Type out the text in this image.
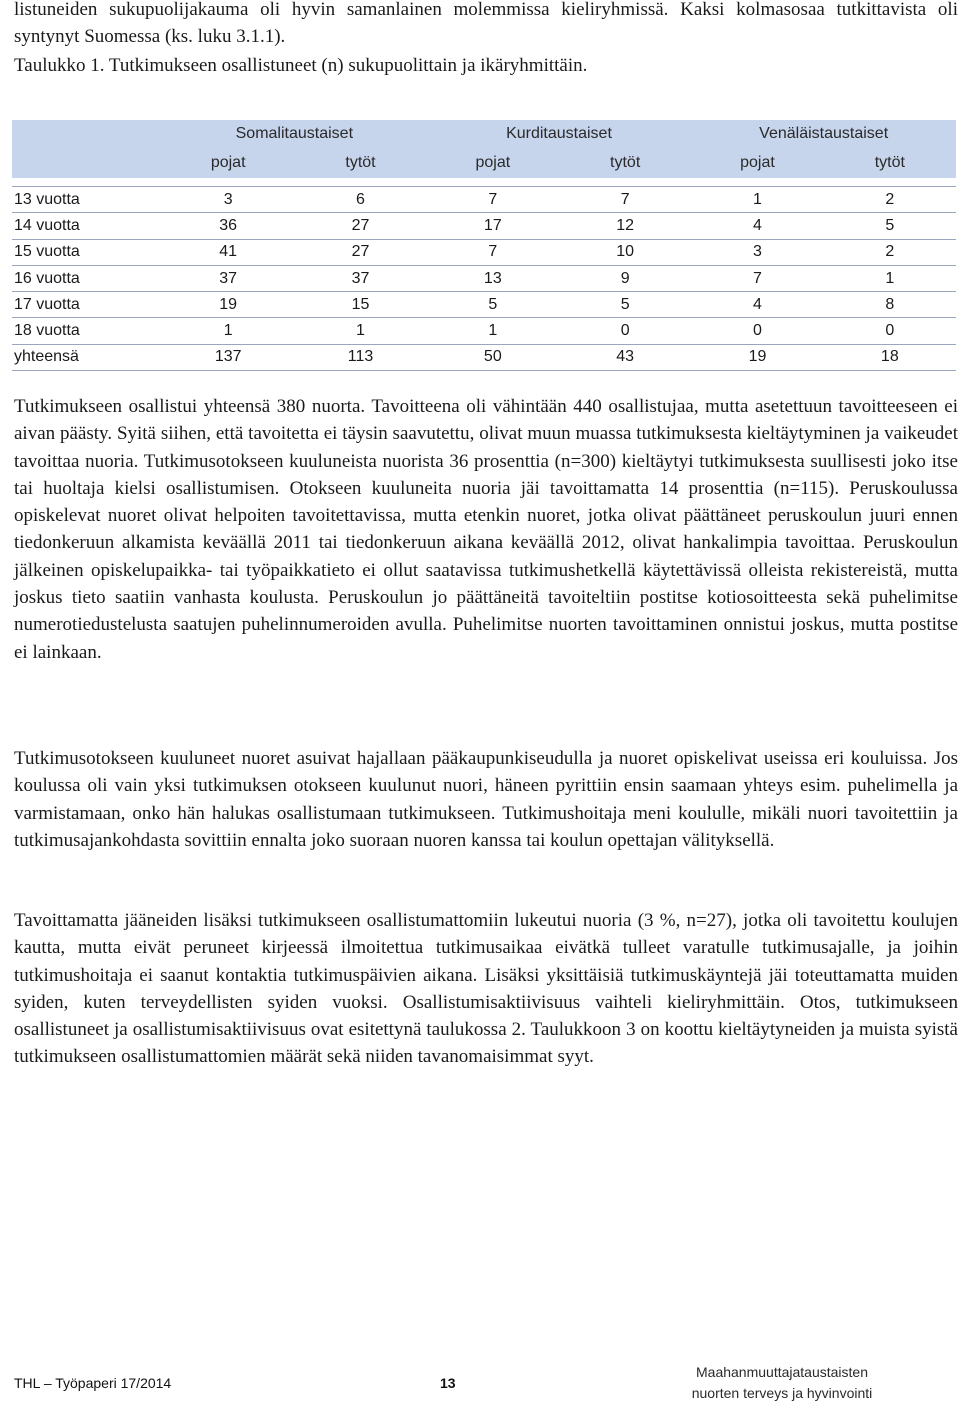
listuneiden sukupuolijakauma oli hyvin samanlainen molemmissa kieliryhmissä. Kaksi kolmasosaa tutkittavista oli syntynyt Suomessa (ks. luku 3.1.1).
Taulukko 1. Tutkimukseen osallistuneet (n) sukupuolittain ja ikäryhmittäin.
	Somalitaustaiset		Kurditaustaiset		Venäläistaustaiset	
	pojat	tytöt	pojat	tytöt	pojat	tytöt

13 vuotta	3	6	7	7	1	2
14 vuotta	36	27	17	12	4	5
15 vuotta	41	27	7	10	3	2
16 vuotta	37	37	13	9	7	1
17 vuotta	19	15	5	5	4	8
18 vuotta	1	1	1	0	0	0
yhteensä	137	113	50	43	19	18
Tutkimukseen osallistui yhteensä 380 nuorta. Tavoitteena oli vähintään 440 osallistujaa, mutta asetettuun tavoitteeseen ei aivan päästy. Syitä siihen, että tavoitetta ei täysin saavutettu, olivat muun muassa tutkimuksesta kieltäytyminen ja vaikeudet tavoittaa nuoria. Tutkimusotokseen kuuluneista nuorista 36 prosenttia (n=300) kieltäytyi tutkimuksesta suullisesti joko itse tai huoltaja kielsi osallistumisen. Otokseen kuuluneita nuoria jäi tavoittamatta 14 prosenttia (n=115). Peruskoulussa opiskelevat nuoret olivat helpoiten tavoitettavissa, mutta etenkin nuoret, jotka olivat päättäneet peruskoulun juuri ennen tiedonkeruun alkamista keväällä 2011 tai tiedonkeruun aikana keväällä 2012, olivat hankalimpia tavoittaa. Peruskoulun jälkeinen opiskelupaikka- tai työpaikkatieto ei ollut saatavissa tutkimushetkellä käytettävissä olleista rekistereistä, mutta joskus tieto saatiin vanhasta koulusta. Peruskoulun jo päättäneitä tavoiteltiin postitse kotiosoitteesta sekä puhelimitse numerotiedustelusta saatujen puhelinnumeroiden avulla. Puhelimitse nuorten tavoittaminen onnistui joskus, mutta postitse ei lainkaan.
Tutkimusotokseen kuuluneet nuoret asuivat hajallaan pääkaupunkiseudulla ja nuoret opiskelivat useissa eri kouluissa. Jos koulussa oli vain yksi tutkimuksen otokseen kuulunut nuori, häneen pyrittiin ensin saamaan yhteys esim. puhelimella ja varmistamaan, onko hän halukas osallistumaan tutkimukseen. Tutkimushoitaja meni koululle, mikäli nuori tavoitettiin ja tutkimusajankohdasta sovittiin ennalta joko suoraan nuoren kanssa tai koulun opettajan välityksellä.
Tavoittamatta jääneiden lisäksi tutkimukseen osallistumattomiin lukeutui nuoria (3 %, n=27), jotka oli tavoitettu koulujen kautta, mutta eivät peruneet kirjeessä ilmoitettua tutkimusaikaa eivätkä tulleet varatulle tutkimusajalle, ja joihin tutkimushoitaja ei saanut kontaktia tutkimuspäivien aikana. Lisäksi yksittäisiä tutkimuskäyntejä jäi toteuttamatta muiden syiden, kuten terveydellisten syiden vuoksi. Osallistumisaktiivisuus vaihteli kieliryhmittäin. Otos, tutkimukseen osallistuneet ja osallistumisaktiivisuus ovat esitettynä taulukossa 2. Taulukkoon 3 on koottu kieltäytyneiden ja muista syistä tutkimukseen osallistumattomien määrät sekä niiden tavanomaisimmat syyt.
THL – Työpaperi 17/2014	13
Maahanmuuttajataustaisten
nuorten terveys ja hyvinvointi
